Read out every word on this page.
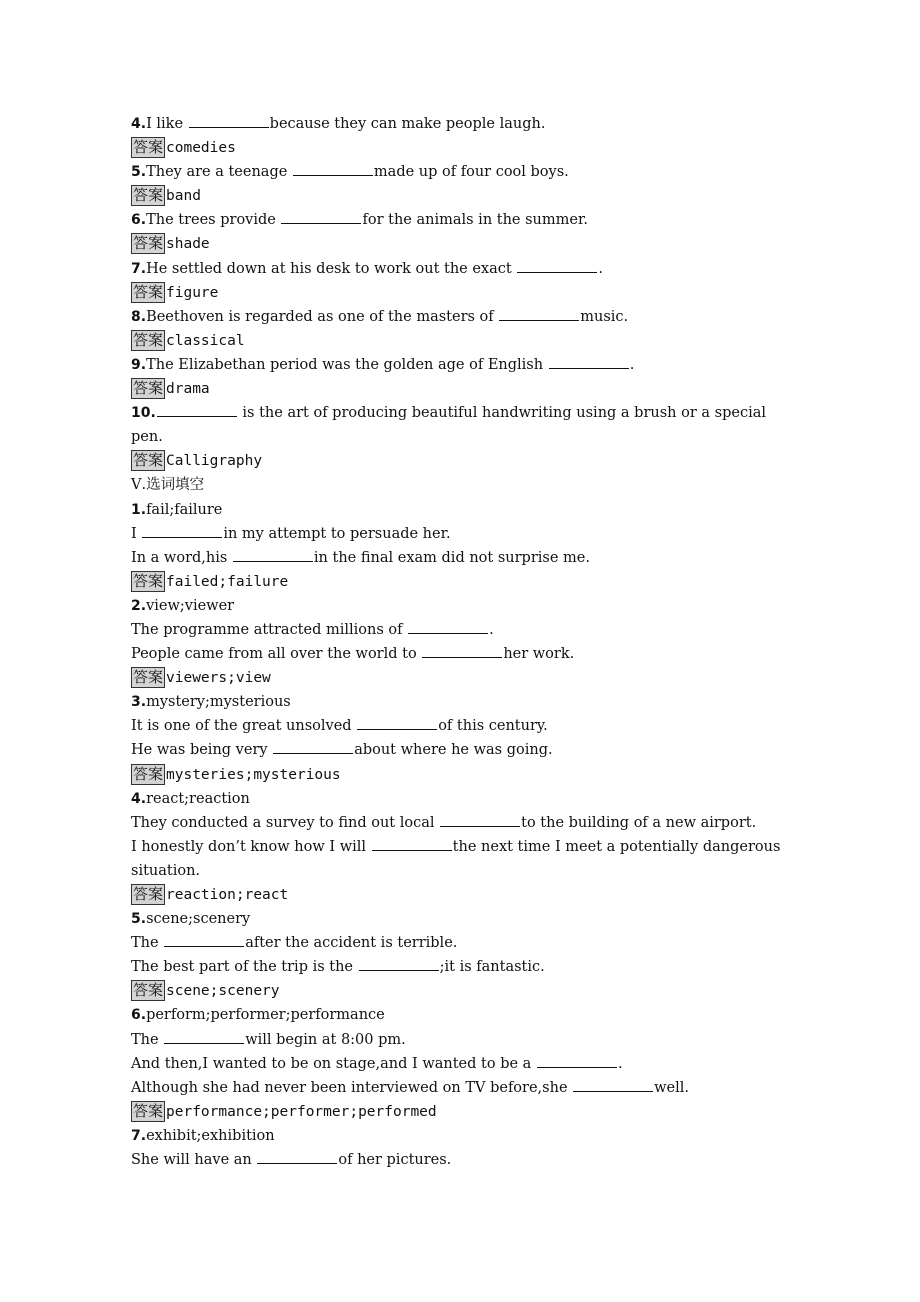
4.I like	because they can make people laugh.
答案 comedies
5.They are a teenage	made up of four cool boys.
答案 band
6.The trees provide	for the animals in the summer.
答案 shade
7.He settled down at his desk to work out the exact	.
答案 figure
8.Beethoven is regarded as one of the masters of	music.
答案 classical
9.The Elizabethan period was the golden age of English	.
答案 drama
10.	is the art of producing beautiful handwriting using a brush or a special pen.
答案 Calligraphy
Ⅴ.选词填空
1.fail;failure
I	in my attempt to persuade her.
In a word,his	in the final exam did not surprise me.
答案 failed;failure
2.view;viewer
The programme attracted millions of	.
People came from all over the world to	her work.
答案 viewers;view
3.mystery;mysterious
It is one of the great unsolved	of this century.
He was being very	about where he was going.
答案 mysteries;mysterious
4.react;reaction
They conducted a survey to find out local	to the building of a new airport.
I honestly don’t know how I will	the next time I meet a potentially dangerous situation.
答案 reaction;react
5.scene;scenery
The	after the accident is terrible.
The best part of the trip is the	;it is fantastic.
答案 scene;scenery
6.perform;performer;performance
The	will begin at 8:00 pm.
And then,I wanted to be on stage,and I wanted to be a	.
Although she had never been interviewed on TV before,she	well.
答案 performance;performer;performed
7.exhibit;exhibition
She will have an	of her pictures.
